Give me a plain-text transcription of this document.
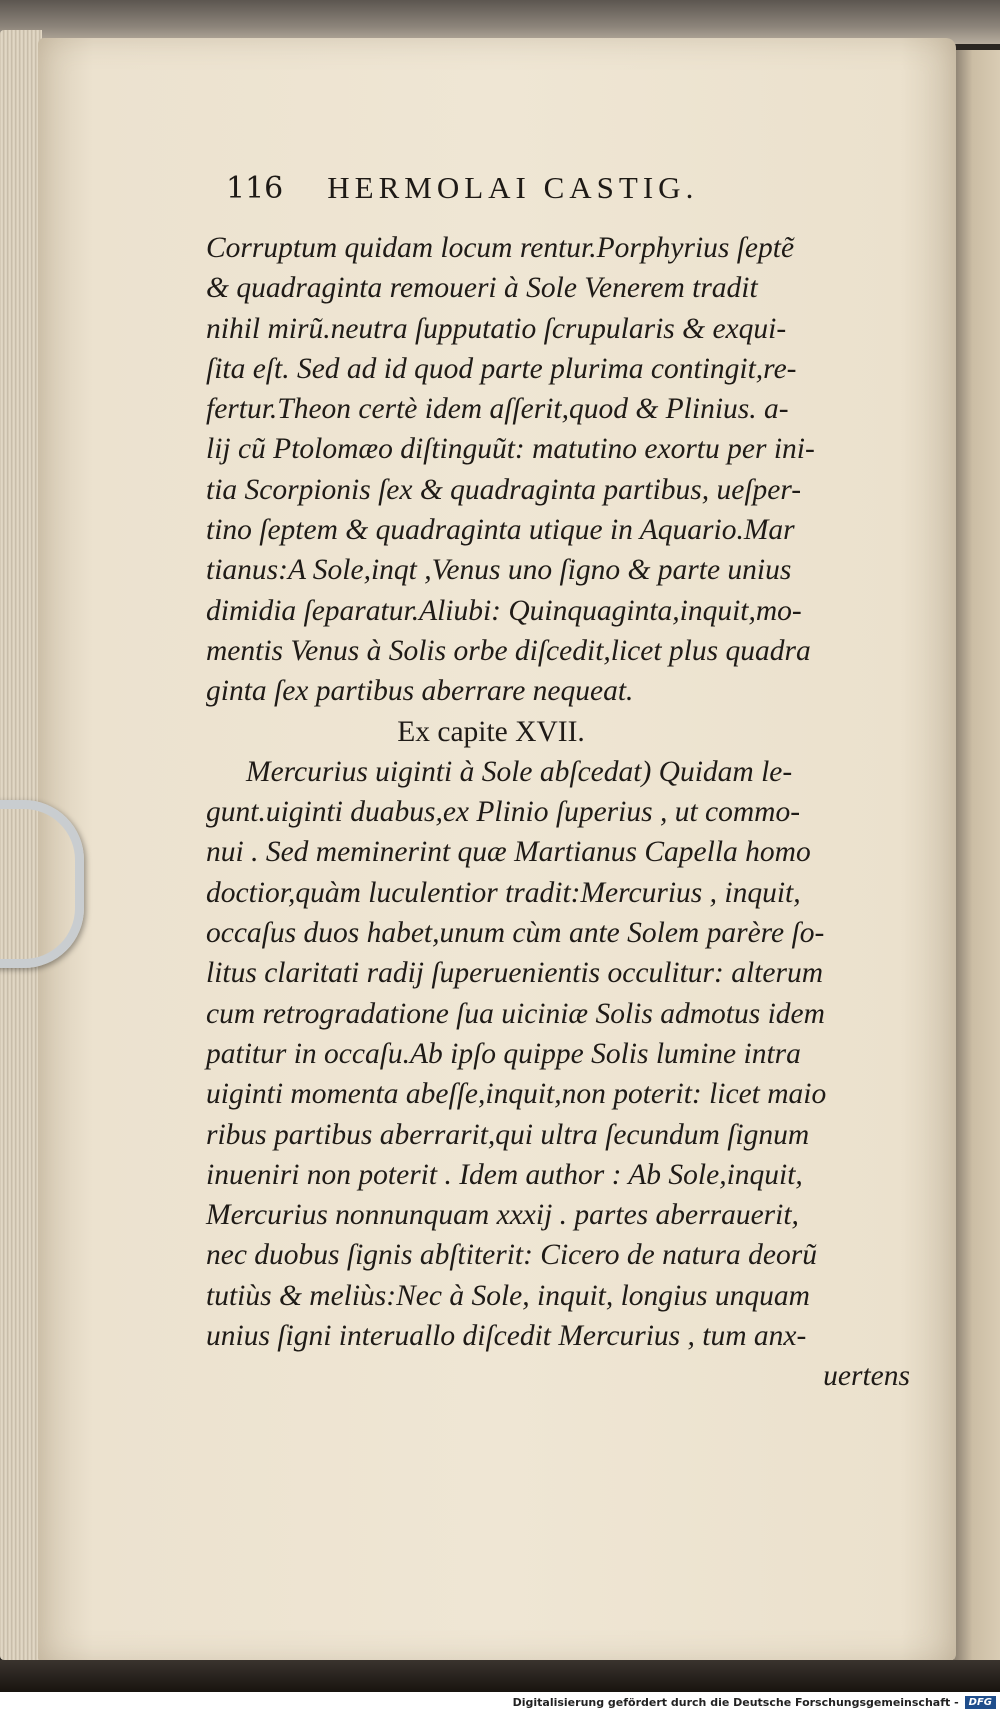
116 HERMOLAI CASTIG.
Corruptum quidam locum rentur.Porphyrius ſeptẽ
& quadraginta remoueri à Sole Venerem tradit
nihil mirũ.neutra ſupputatio ſcrupularis & exqui-
ſita eſt. Sed ad id quod parte plurima contingit,re-
fertur.Theon certè idem aſſerit,quod & Plinius. a-
lij cũ Ptolomæo diſtinguũt: matutino exortu per ini-
tia Scorpionis ſex & quadraginta partibus, ueſper-
tino ſeptem & quadraginta utique in Aquario.Mar
tianus:A Sole,inqt ,Venus uno ſigno & parte unius
dimidia ſeparatur.Aliubi: Quinquaginta,inquit,mo-
mentis Venus à Solis orbe diſcedit,licet plus quadra
ginta ſex partibus aberrare nequeat.
Ex capite XVII.
Mercurius uiginti à Sole abſcedat) Quidam le-
gunt.uiginti duabus,ex Plinio ſuperius , ut commo-
nui . Sed meminerint quæ Martianus Capella homo
doctior,quàm luculentior tradit:Mercurius , inquit,
occaſus duos habet,unum cùm ante Solem parère ſo-
litus claritati radij ſuperuenientis occulitur: alterum
cum retrogradatione ſua uiciniæ Solis admotus idem
patitur in occaſu.Ab ipſo quippe Solis lumine intra
uiginti momenta abeſſe,inquit,non poterit: licet maio
ribus partibus aberrarit,qui ultra ſecundum ſignum
inueniri non poterit . Idem author : Ab Sole,inquit,
Mercurius nonnunquam xxxij . partes aberrauerit,
nec duobus ſignis abſtiterit: Cicero de natura deorũ
tutiùs & meliùs:Nec à Sole, inquit, longius unquam
unius ſigni interuallo diſcedit Mercurius , tum anx-
uertens
Digitalisierung gefördert durch die Deutsche Forschungsgemeinschaft -	DFG
